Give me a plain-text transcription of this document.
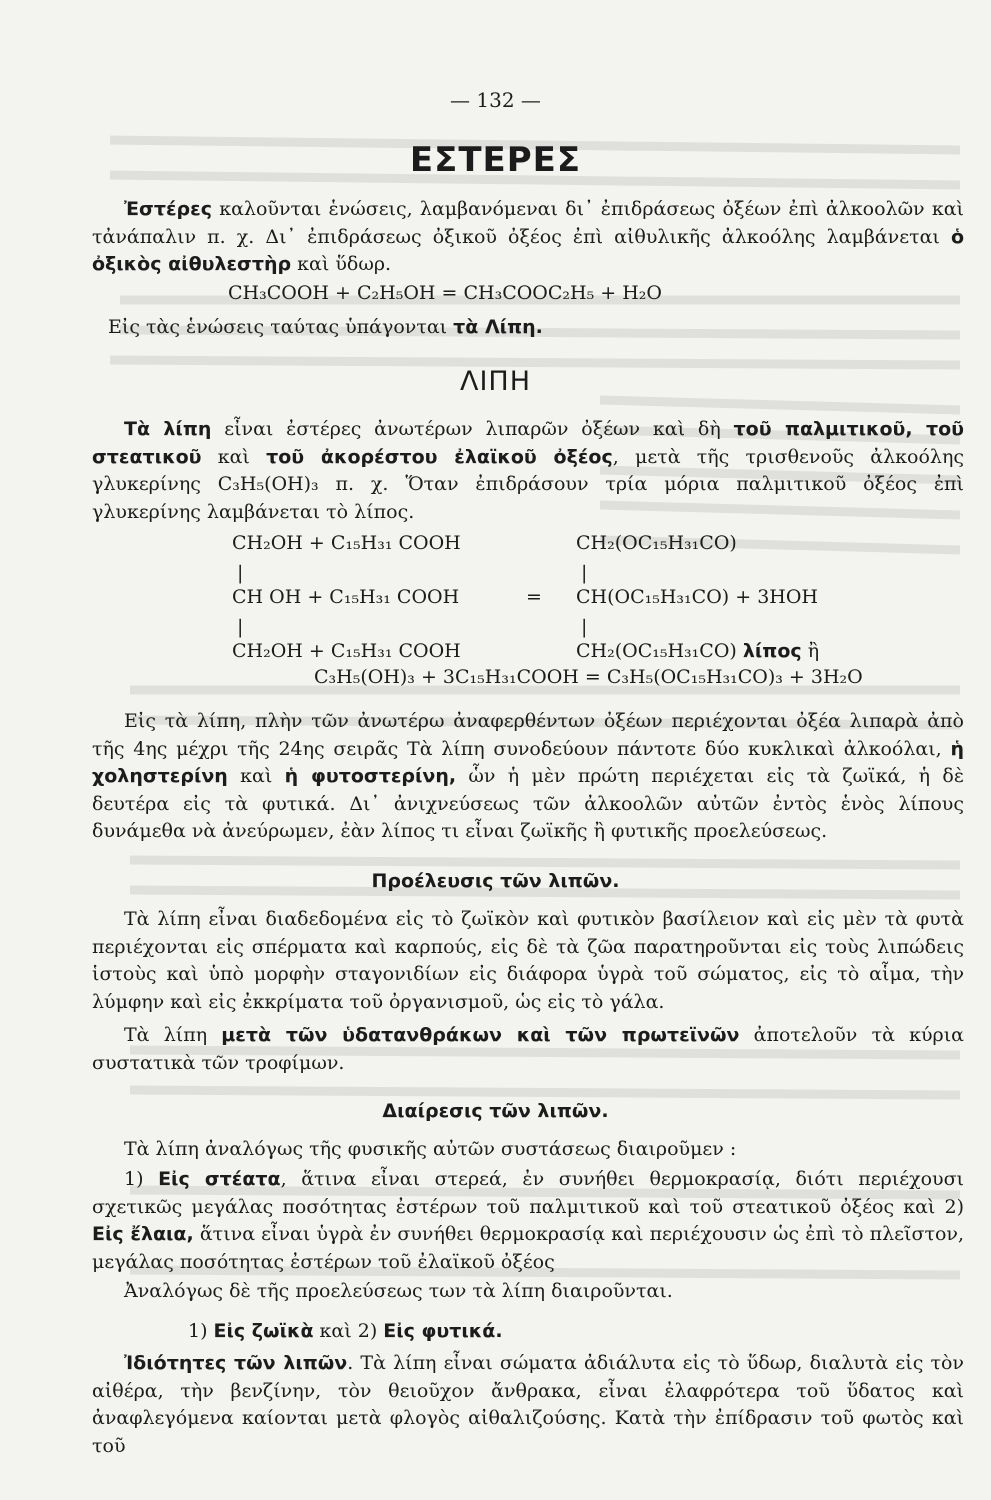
— 132 —
ΕΣΤΕΡΕΣ
Ἐστέρες καλοῦνται ἑνώσεις, λαμβανόμεναι δι᾿ ἐπιδράσεως ὀξέων ἐπὶ ἀλκοολῶν καὶ τἀνάπαλιν π. χ. Δι᾿ ἐπιδράσεως ὀξικοῦ ὀξέος ἐπὶ αἰθυλικῆς ἀλκοόλης λαμβάνεται ὁ ὀξικὸς αἰθυλεστὴρ καὶ ὕδωρ.
CH₃COOH + C₂H₅OH = CH₃COOC₂H₅ + H₂O
Εἰς τὰς ἑνώσεις ταύτας ὑπάγονται τὰ Λίπη.
ΛΙΠΗ
Τὰ λίπη εἶναι ἐστέρες ἀνωτέρων λιπαρῶν ὀξέων καὶ δὴ τοῦ παλμιτικοῦ, τοῦ στεατικοῦ καὶ τοῦ ἀκορέστου ἐλαϊκοῦ ὀξέος, μετὰ τῆς τρισθενοῦς ἀλκοόλης γλυκερίνης C₃H₅(OH)₃ π. χ. Ὅταν ἐπιδράσουν τρία μόρια παλμιτικοῦ ὀξέος ἐπὶ γλυκερίνης λαμβάνεται τὸ λίπος.
CH₂OH + C₁₅H₃₁ COOH
|
CH OH + C₁₅H₃₁ COOH
|
CH₂OH + C₁₅H₃₁ COOH
=
CH₂(OC₁₅H₃₁CO)
|
CH(OC₁₅H₃₁CO) + 3HOH
|
CH₂(OC₁₅H₃₁CO) λίπος ἢ
C₃H₅(OH)₃ + 3C₁₅H₃₁COOH = C₃H₅(OC₁₅H₃₁CO)₃ + 3H₂O
Εἰς τὰ λίπη, πλὴν τῶν ἀνωτέρω ἀναφερθέντων ὀξέων περιέχονται ὀξέα λιπαρὰ ἀπὸ τῆς 4ης μέχρι τῆς 24ης σειρᾶς Τὰ λίπη συνοδεύουν πάντοτε δύο κυκλικαὶ ἀλκοόλαι, ἡ χοληστερίνη καὶ ἡ φυτοστερίνη, ὧν ἡ μὲν πρώτη περιέχεται εἰς τὰ ζωϊκά, ἡ δὲ δευτέρα εἰς τὰ φυτικά. Δι᾿ ἀνιχνεύσεως τῶν ἀλκοολῶν αὐτῶν ἐντὸς ἑνὸς λίπους δυνάμεθα νὰ ἀνεύρωμεν, ἐὰν λίπος τι εἶναι ζωϊκῆς ἢ φυτικῆς προελεύσεως.
Προέλευσις τῶν λιπῶν.
Τὰ λίπη εἶναι διαδεδομένα εἰς τὸ ζωϊκὸν καὶ φυτικὸν βασίλειον καὶ εἰς μὲν τὰ φυτὰ περιέχονται εἰς σπέρματα καὶ καρπούς, εἰς δὲ τὰ ζῶα παρατηροῦνται εἰς τοὺς λιπώδεις ἱστοὺς καὶ ὑπὸ μορφὴν σταγονιδίων εἰς διάφορα ὑγρὰ τοῦ σώματος, εἰς τὸ αἷμα, τὴν λύμφην καὶ εἰς ἐκκρίματα τοῦ ὀργανισμοῦ, ὡς εἰς τὸ γάλα.
Τὰ λίπη μετὰ τῶν ὑδατανθράκων καὶ τῶν πρωτεϊνῶν ἀποτελοῦν τὰ κύρια συστατικὰ τῶν τροφίμων.
Διαίρεσις τῶν λιπῶν.
Τὰ λίπη ἀναλόγως τῆς φυσικῆς αὐτῶν συστάσεως διαιροῦμεν :
1) Εἰς στέατα, ἅτινα εἶναι στερεά, ἐν συνήθει θερμοκρασίᾳ, διότι περιέχουσι σχετικῶς μεγάλας ποσότητας ἐστέρων τοῦ παλμιτικοῦ καὶ τοῦ στεατικοῦ ὀξέος καὶ 2) Εἰς ἔλαια, ἅτινα εἶναι ὑγρὰ ἐν συνήθει θερμοκρασίᾳ καὶ περιέχουσιν ὡς ἐπὶ τὸ πλεῖστον, μεγάλας ποσότητας ἐστέρων τοῦ ἐλαϊκοῦ ὀξέος
Ἀναλόγως δὲ τῆς προελεύσεως των τὰ λίπη διαιροῦνται.
1) Εἰς ζωϊκὰ καὶ 2) Εἰς φυτικά.
Ἰδιότητες τῶν λιπῶν. Τὰ λίπη εἶναι σώματα ἀδιάλυτα εἰς τὸ ὕδωρ, διαλυτὰ εἰς τὸν αἰθέρα, τὴν βενζίνην, τὸν θειοῦχον ἄνθρακα, εἶναι ἐλαφρότερα τοῦ ὕδατος καὶ ἀναφλεγόμενα καίονται μετὰ φλογὸς αἰθαλιζούσης. Κατὰ τὴν ἐπίδρασιν τοῦ φωτὸς καὶ τοῦ
